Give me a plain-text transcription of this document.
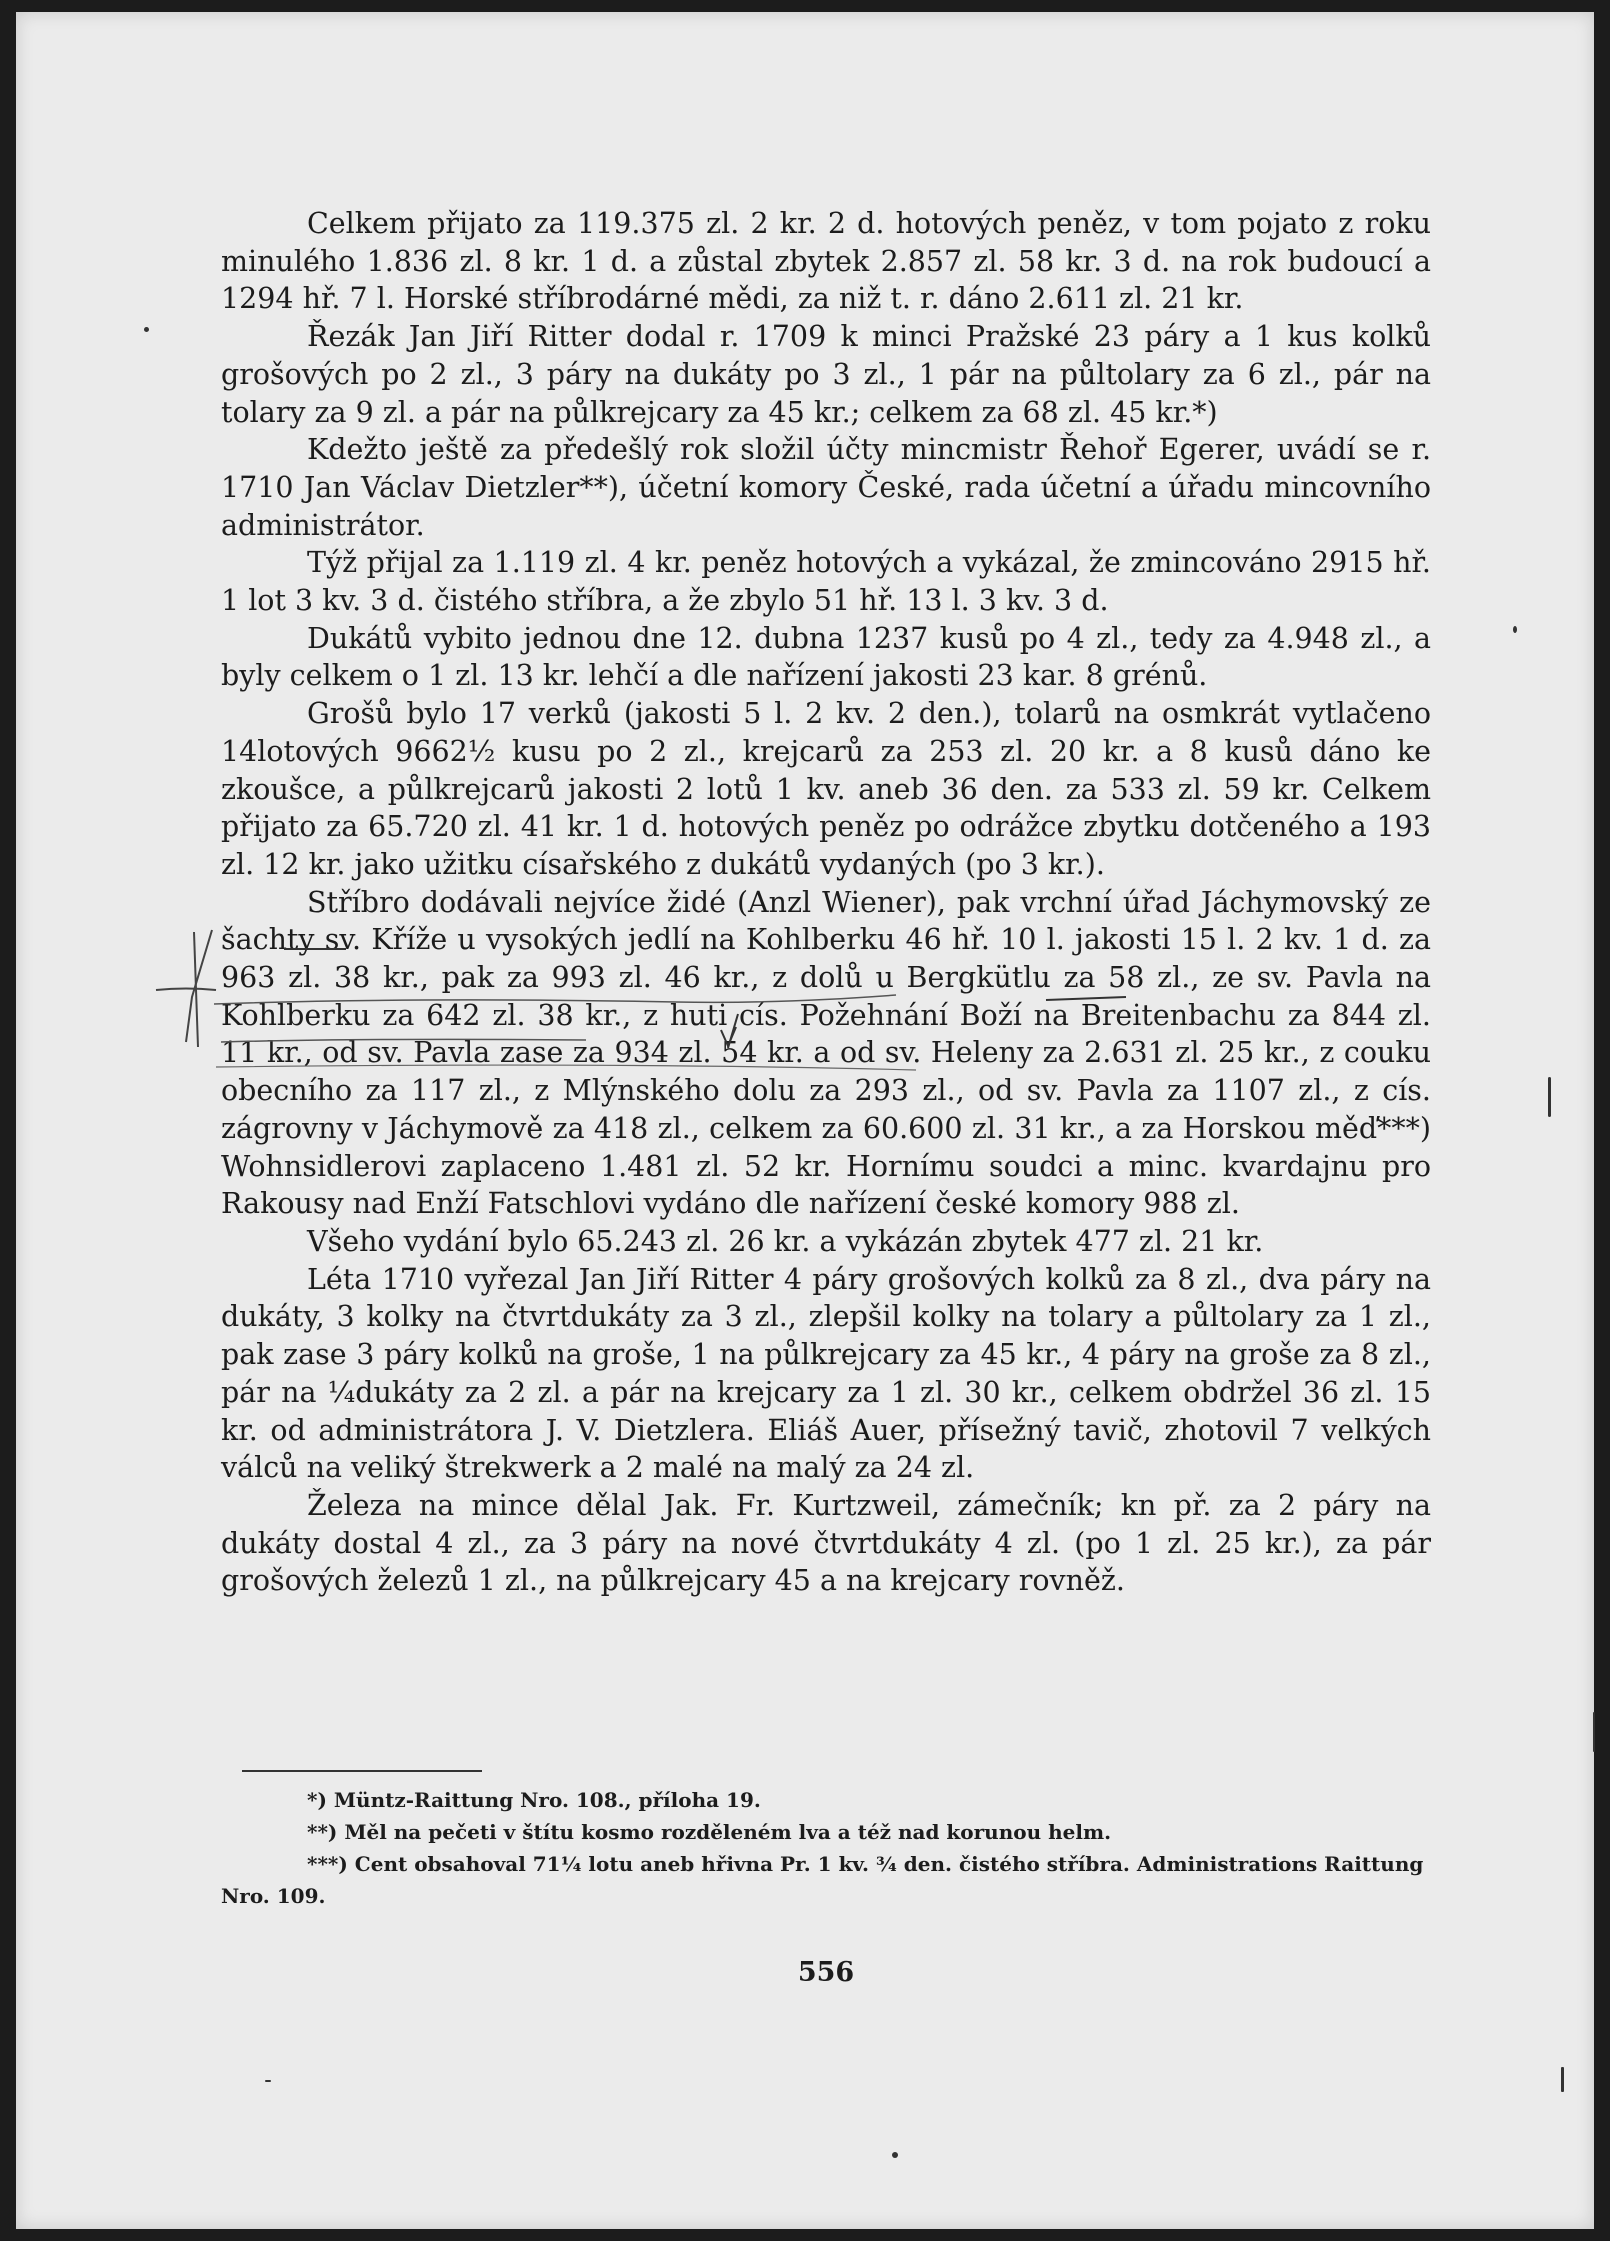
Celkem přijato za 119.375 zl. 2 kr. 2 d. hotových peněz, v tom pojato z roku minulého 1.836 zl. 8 kr. 1 d. a zůstal zbytek 2.857 zl. 58 kr. 3 d. na rok budoucí a 1294 hř. 7 l. Horské stříbrodárné mědi, za niž t. r. dáno 2.611 zl. 21 kr.

Řezák Jan Jiří Ritter dodal r. 1709 k minci Pražské 23 páry a 1 kus kolků grošových po 2 zl., 3 páry na dukáty po 3 zl., 1 pár na půltolary za 6 zl., pár na tolary za 9 zl. a pár na půlkrejcary za 45 kr.; celkem za 68 zl. 45 kr.*)

Kdežto ještě za předešlý rok složil účty mincmistr Řehoř Egerer, uvádí se r. 1710 Jan Václav Dietzler**), účetní komory České, rada účetní a úřadu mincovního administrátor.

Týž přijal za 1.119 zl. 4 kr. peněz hotových a vykázal, že zmincováno 2915 hř. 1 lot 3 kv. 3 d. čistého stříbra, a že zbylo 51 hř. 13 l. 3 kv. 3 d.

Dukátů vybito jednou dne 12. dubna 1237 kusů po 4 zl., tedy za 4.948 zl., a byly celkem o 1 zl. 13 kr. lehčí a dle nařízení jakosti 23 kar. 8 grénů.

Grošů bylo 17 verků (jakosti 5 l. 2 kv. 2 den.), tolarů na osmkrát vytlačeno 14lotových 9662½ kusu po 2 zl., krejcarů za 253 zl. 20 kr. a 8 kusů dáno ke zkoušce, a půlkrejcarů jakosti 2 lotů 1 kv. aneb 36 den. za 533 zl. 59 kr. Celkem přijato za 65.720 zl. 41 kr. 1 d. hotových peněz po odrážce zbytku dotčeného a 193 zl. 12 kr. jako užitku císařského z dukátů vydaných (po 3 kr.).

Stříbro dodávali nejvíce židé (Anzl Wiener), pak vrchní úřad Jáchymovský ze šachty sv. Kříže u vysokých jedlí na Kohlberku 46 hř. 10 l. jakosti 15 l. 2 kv. 1 d. za 963 zl. 38 kr., pak za 993 zl. 46 kr., z dolů u Bergkütlu za 58 zl., ze sv. Pavla na Kohlberku za 642 zl. 38 kr., z huti cís. Požehnání Boží na Breitenbachu za 844 zl. 11 kr., od sv. Pavla zase za 934 zl. 54 kr. a od sv. Heleny za 2.631 zl. 25 kr., z couku obecního za 117 zl., z Mlýnského dolu za 293 zl., od sv. Pavla za 1107 zl., z cís. zágrovny v Jáchymově za 418 zl., celkem za 60.600 zl. 31 kr., a za Horskou měď***) Wohnsidlerovi zaplaceno 1.481 zl. 52 kr. Hornímu soudci a minc. kvardajnu pro Rakousy nad Enží Fatschlovi vydáno dle nařízení české komory 988 zl.

Všeho vydání bylo 65.243 zl. 26 kr. a vykázán zbytek 477 zl. 21 kr.

Léta 1710 vyřezal Jan Jiří Ritter 4 páry grošových kolků za 8 zl., dva páry na dukáty, 3 kolky na čtvrtdukáty za 3 zl., zlepšil kolky na tolary a půltolary za 1 zl., pak zase 3 páry kolků na groše, 1 na půlkrejcary za 45 kr., 4 páry na groše za 8 zl., pár na ¼dukáty za 2 zl. a pár na krejcary za 1 zl. 30 kr., celkem obdržel 36 zl. 15 kr. od administrátora J. V. Dietzlera. Eliáš Auer, přísežný tavič, zhotovil 7 velkých válců na veliký štrekwerk a 2 malé na malý za 24 zl.

Železa na mince dělal Jak. Fr. Kurtzweil, zámečník; kn př. za 2 páry na dukáty dostal 4 zl., za 3 páry na nové čtvrtdukáty 4 zl. (po 1 zl. 25 kr.), za pár grošových železů 1 zl., na půlkrejcary 45 a na krejcary rovněž.

*) Müntz-Raittung Nro. 108., příloha 19.

**) Měl na pečeti v štítu kosmo rozděleném lva a též nad korunou helm.

***) Cent obsahoval 71¼ lotu aneb hřivna Pr. 1 kv. ¾ den. čistého stříbra. Administrations Raittung Nro. 109.

556
